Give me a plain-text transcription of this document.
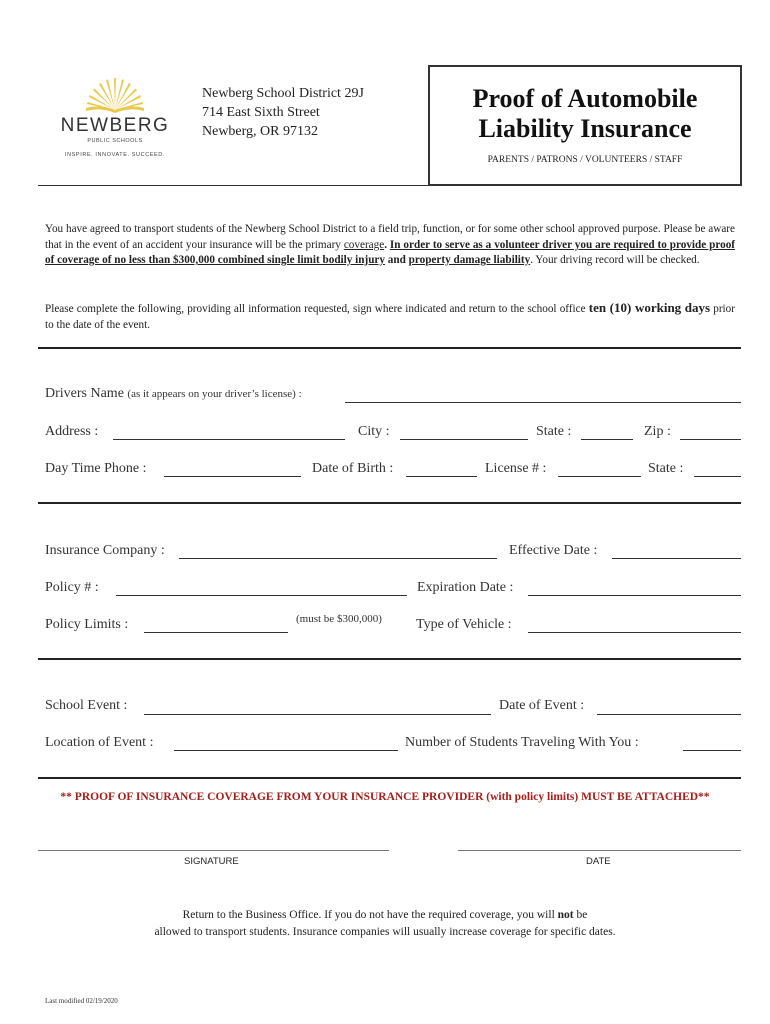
NEWBERG
PUBLIC SCHOOLS
INSPIRE. INNOVATE. SUCCEED.
Newberg School District 29J
714 East Sixth Street
Newberg, OR 97132
Proof of Automobile
Liability Insurance
PARENTS / PATRONS / VOLUNTEERS / STAFF
You have agreed to transport students of the Newberg School District to a field trip, function, or for some other school approved purpose. Please be aware that in the event of an accident your insurance will be the primary coverage. In order to serve as a volunteer driver you are required to provide proof of coverage of no less than $300,000 combined single limit bodily injury and property damage liability. Your driving record will be checked.
Please complete the following, providing all information requested, sign where indicated and return to the school office ten (10) working days prior to the date of the event.
Drivers Name (as it appears on your driver’s license) :
Address :	City :	State :	Zip :
Day Time Phone :	Date of Birth :	License # :	State :
Insurance Company :	Effective Date :
Policy # :	Expiration Date :
Policy Limits :	(must be $300,000) Type of Vehicle :
School Event :	Date of Event :
Location of Event :	Number of Students Traveling With You :
** PROOF OF INSURANCE COVERAGE FROM YOUR INSURANCE PROVIDER (with policy limits) MUST BE ATTACHED**
SIGNATURE	DATE
Return to the Business Office. If you do not have the required coverage, you will not be
allowed to transport students. Insurance companies will usually increase coverage for specific dates.
Last modified 02/19/2020
